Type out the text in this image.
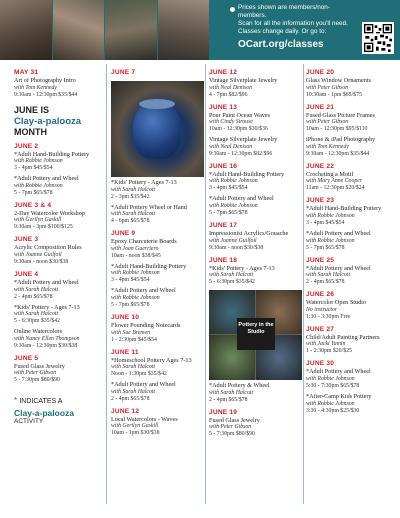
Prices shown are members/non-members.
Scan for all the information you'll need.
Classes change daily. Or go to:
OCart.org/classes
MAY 31
Art of Photography Intro
with Tom Kennedy
9:30am - 12:30pm $35/$44
JUNE IS
Clay-a-palooza
MONTH
JUNE 2
*Adult Hand-Building Pottery
with Robbie Johnson
3 - 4pm $45/$54
*Adult Pottery and Wheel
with Robbie Johnson
5 - 7pm $65/$78
JUNE 3 & 4
2-Day Watercolor Workshop
with Gerilyn Gaskill
9:30am - 3pm $100/$125
JUNE 3
Acrylic Composition Rules
with Joanne Guilfoil
9:30am - noon $30/$38
JUNE 4
*Adult Pottery and Wheel
with Sarah Halcott
2 - 4pm $65/$78
*Kids' Pottery - Ages 7-13
with Sarah Halcott
5 - 6:30pm $35/$42
Online Watercolors
with Nancy Ellen Thompson
9:30am - 12:30pm $30/$38
JUNE 5
Fused Glass Jewelry
with Peter Gibson
5 - 7:30pm $80/$90
* INDICATES A
Clay-a-palooza
ACTIVITY
JUNE 7
*Kids' Pottery - Ages 7-13
with Sarah Halcott
2 - 3pm $35/$42
*Adult Pottery Wheel or Hand
with Sarah Halcott
4 - 6pm $65/$78
JUNE 9
Epoxy Charcuterie Boards
with Joan Guerriero
10am - noon $38/$45
*Adult Hand-Building Pottery
with Robbie Johnson
3 - 4pm $45/$54
*Adult Pottery and Wheel
with Robbie Johnson
5 - 7pm $65/$78
JUNE 10
Flower Pounding Notecards
with Sue Bremen
1 - 2:30pm $45/$54
JUNE 11
*Homeschool Pottery Ages 7-13
with Sarah Halcott
Noon - 1:30pm $35/$42
*Adult Pottery and Wheel
with Sarah Halcott
2 - 4pm $65/$78
JUNE 12
Local Watercolors - Waves
with Gerilyn Gaskill
10am - 1pm $30/$38
JUNE 12
Vintage Silverplate Jewelry
with Neal Denison
4 - 7pm $82/$96
JUNE 13
Pour Paint Ocean Waves
with Cindy Strouse
10am - 12:30pm $30/$36
Vintage Silverplate Jewelry
with Neal Denison
9:30am - 12:30pm $82/$96
JUNE 16
*Adult Hand-Building Pottery
with Robbie Johnson
3 - 4pm $45/$54
*Adult Pottery and Wheel
with Robbie Johnson
5 - 7pm $65/$78
JUNE 17
Impressionist Acrylics/Gouache
with Joanne Guilfoil
9:30am - noon $30/$38
JUNE 18
*Kids' Pottery - Ages 7-13
with Sarah Halcott
5 - 6:30pm $35/$42
Pottery in the Studio
*Adult Pottery & Wheel
with Sarah Halcott
2 - 4pm $65/$78
JUNE 19
Fused Glass Jewelry
with Peter Gibson
5 - 7:30pm $80/$90
JUNE 20
Glass Window Ornaments
with Peter Gibson
10:30am - 1pm $65/$75
JUNE 21
Fused Glass Picture Frames
with Peter Gibson
10am - 12:30pm $95/$110
iPhone & iPad Photography
with Tom Kennedy
9:30am - 12:30pm $35/$44
JUNE 22
Crocheting a Motif
with Mary Anne Cooper
11am - 12:30pm $20/$24
JUNE 23
*Adult Hand-Building Pottery
with Robbie Johnson
3 - 4pm $45/$54
*Adult Pottery and Wheel
with Robbie Johnson
5 - 7pm $65/$78
JUNE 25
*Adult Pottery and Wheel
with Sarah Halcott
2 - 4pm $65/$78
JUNE 26
Watercolor Open Studio
No instructor
1:30 - 3:30pm Free
JUNE 27
Child/Adult Painting Partners
with Jacki Yamin
1 - 2:30pm $20/$25
JUNE 30
*Adult Pottery and Wheel
with Robbie Johnson
5:30 - 7:30pm $65/$78
*After-Camp Kids Pottery
with Robbie Johnson
3:30 - 4:30pm $25/$30
